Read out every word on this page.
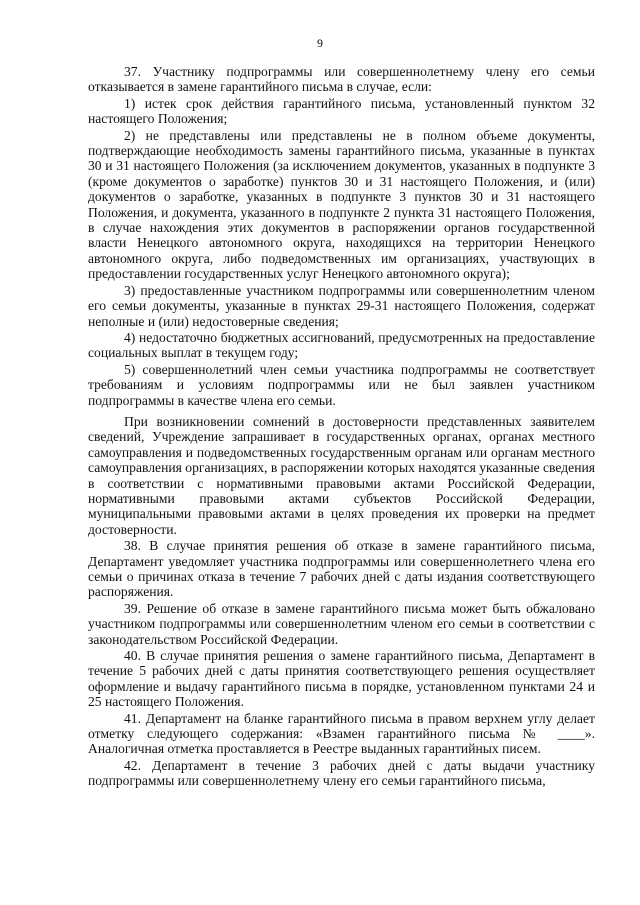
9

37. Участнику подпрограммы или совершеннолетнему члену его семьи отказывается в замене гарантийного письма в случае, если:

1) истек срок действия гарантийного письма, установленный пунктом 32 настоящего Положения;

2) не представлены или представлены не в полном объеме документы, подтверждающие необходимость замены гарантийного письма, указанные в пунктах 30 и 31 настоящего Положения (за исключением документов, указанных в подпункте 3 (кроме документов о заработке) пунктов 30 и 31 настоящего Положения, и (или) документов о заработке, указанных в подпункте 3 пунктов 30 и 31 настоящего Положения, и документа, указанного в подпункте 2 пункта 31 настоящего Положения, в случае нахождения этих документов в распоряжении органов государственной власти Ненецкого автономного округа, находящихся на территории Ненецкого автономного округа, либо подведомственных им организациях, участвующих в предоставлении государственных услуг Ненецкого автономного округа);

3) предоставленные участником подпрограммы или совершеннолетним членом его семьи документы, указанные в пунктах 29-31 настоящего Положения, содержат неполные и (или) недостоверные сведения;

4) недостаточно бюджетных ассигнований, предусмотренных на предоставление социальных выплат в текущем году;

5) совершеннолетний член семьи участника подпрограммы не соответствует требованиям и условиям подпрограммы или не был заявлен участником подпрограммы в качестве члена его семьи.

При возникновении сомнений в достоверности представленных заявителем сведений, Учреждение запрашивает в государственных органах, органах местного самоуправления и подведомственных государственным органам или органам местного самоуправления организациях, в распоряжении которых находятся указанные сведения в соответствии с нормативными правовыми актами Российской Федерации, нормативными правовыми актами субъектов Российской Федерации, муниципальными правовыми актами в целях проведения их проверки на предмет достоверности.

38. В случае принятия решения об отказе в замене гарантийного письма, Департамент уведомляет участника подпрограммы или совершеннолетнего члена его семьи о причинах отказа в течение 7 рабочих дней с даты издания соответствующего распоряжения.

39. Решение об отказе в замене гарантийного письма может быть обжаловано участником подпрограммы или совершеннолетним членом его семьи в соответствии с законодательством Российской Федерации.

40. В случае принятия решения о замене гарантийного письма, Департамент в течение 5 рабочих дней с даты принятия соответствующего решения осуществляет оформление и выдачу гарантийного письма в порядке, установленном пунктами 24 и 25 настоящего Положения.

41. Департамент на бланке гарантийного письма в правом верхнем углу делает отметку следующего содержания: «Взамен гарантийного письма № ____». Аналогичная отметка проставляется в Реестре выданных гарантийных писем.

42. Департамент в течение 3 рабочих дней с даты выдачи участнику подпрограммы или совершеннолетнему члену его семьи гарантийного письма,
